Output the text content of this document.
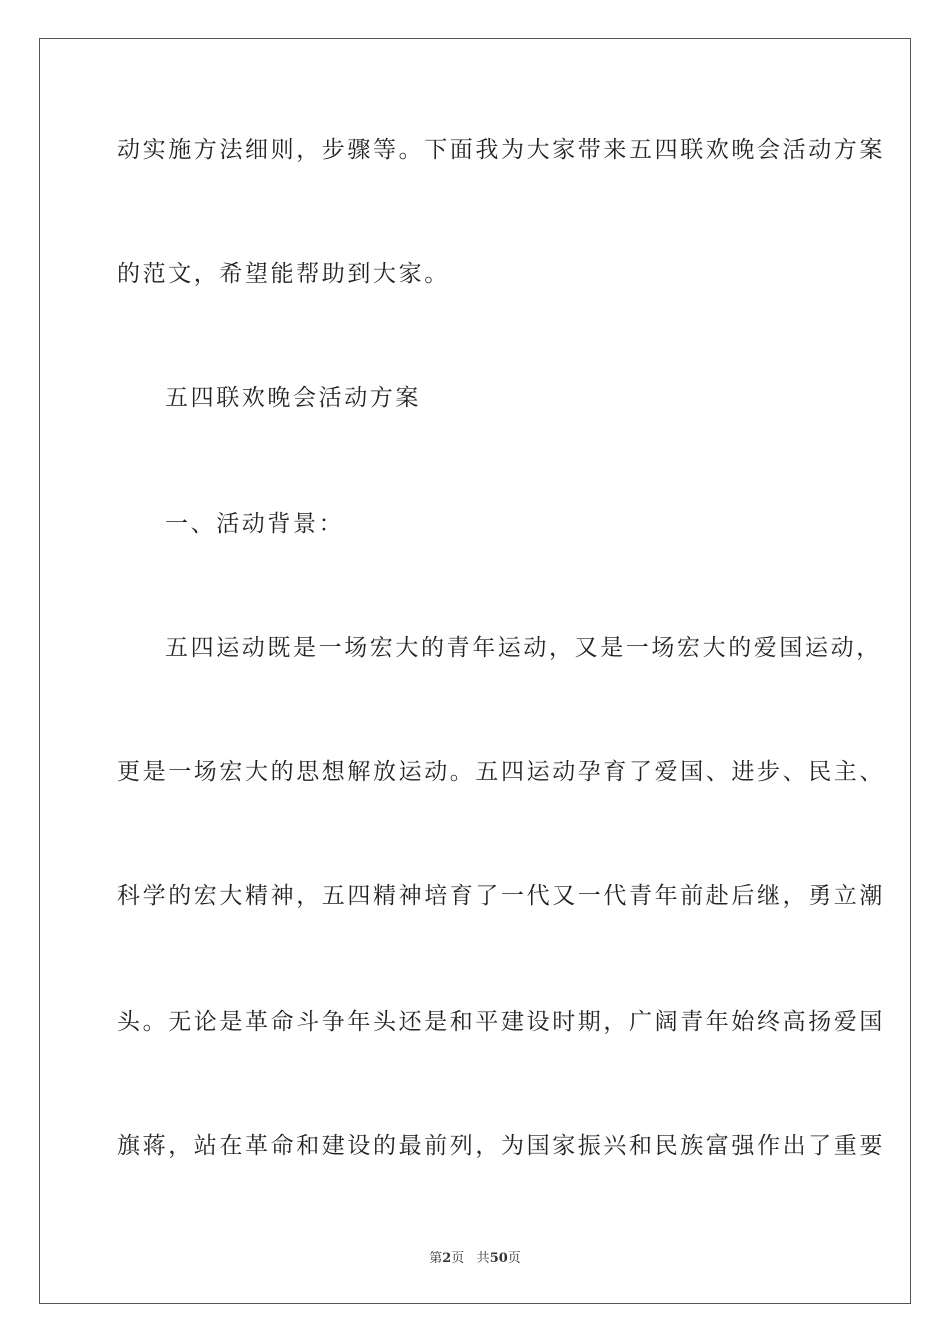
动实施方法细则，步骤等。下面我为大家带来五四联欢晚会活动方案
的范文，希望能帮助到大家。
五四联欢晚会活动方案
一、活动背景：
五四运动既是一场宏大的青年运动，又是一场宏大的爱国运动，
更是一场宏大的思想解放运动。五四运动孕育了爱国、进步、民主、
科学的宏大精神，五四精神培育了一代又一代青年前赴后继，勇立潮
头。无论是革命斗争年头还是和平建设时期，广阔青年始终高扬爱国
旗蒋，站在革命和建设的最前列，为国家振兴和民族富强作出了重要
第2页 共50页
